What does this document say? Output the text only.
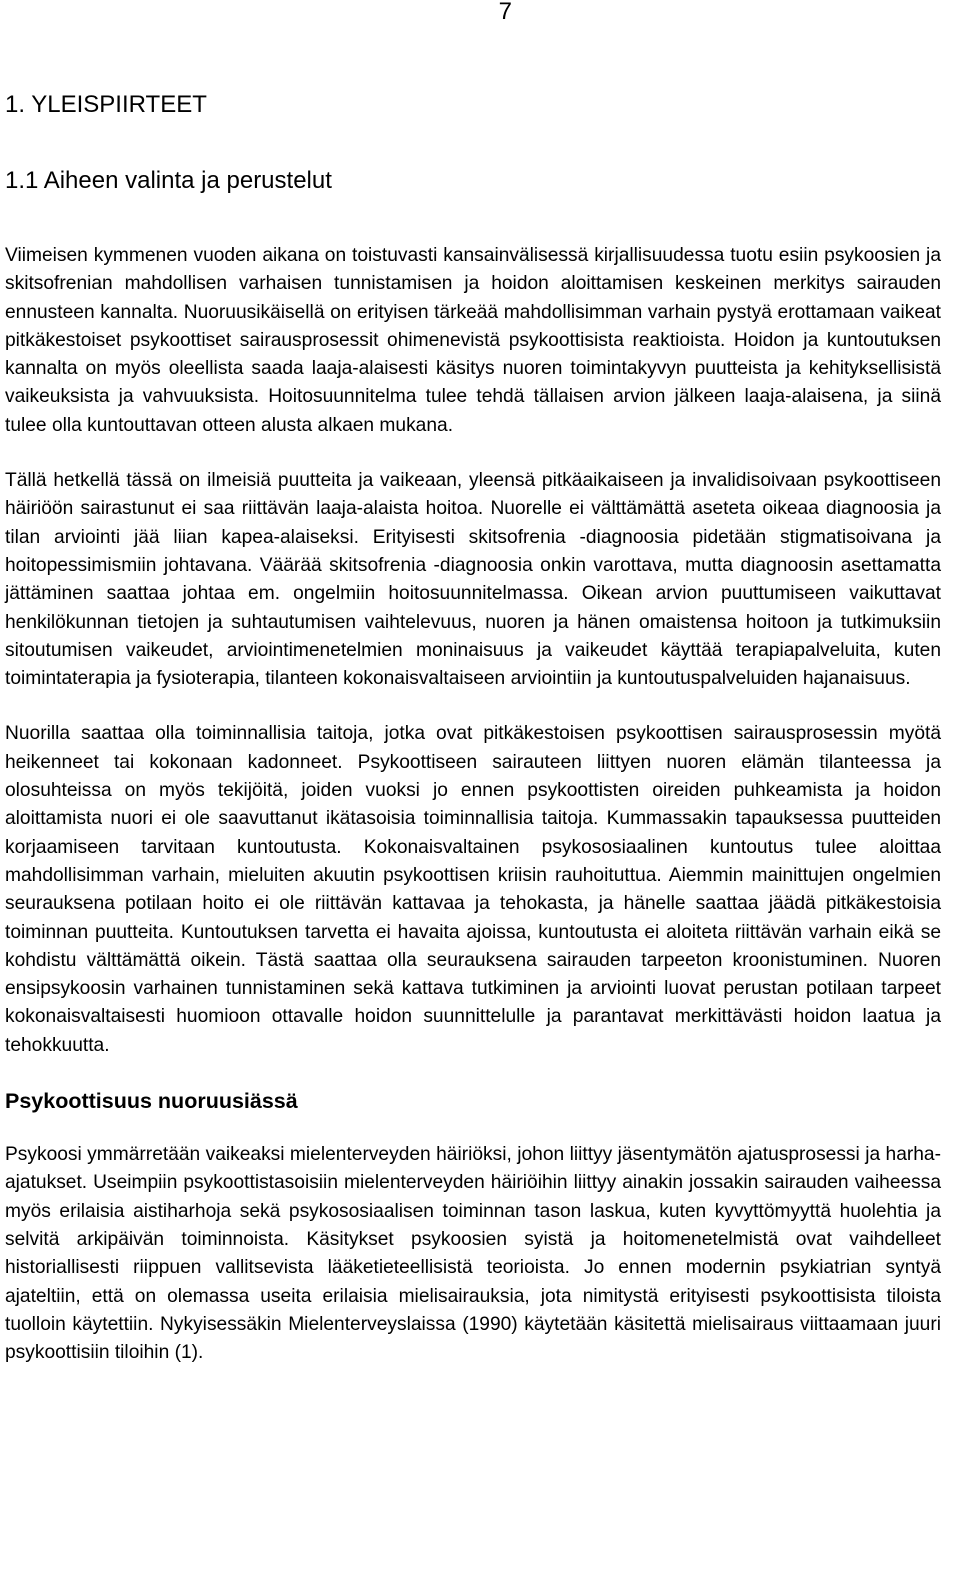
7
1. YLEISPIIRTEET
1.1 Aiheen valinta ja perustelut

Viimeisen kymmenen vuoden aikana on toistuvasti kansainvälisessä kirjallisuudessa tuotu esiin psykoosien ja skitsofrenian mahdollisen varhaisen tunnistamisen ja hoidon aloittamisen keskeinen merkitys sairauden ennusteen kannalta. Nuoruusikäisellä on erityisen tärkeää mahdollisimman varhain pystyä erottamaan vaikeat pitkäkestoiset psykoottiset sairausprosessit ohimenevistä psykoottisista reaktioista. Hoidon ja kuntoutuksen kannalta on myös oleellista saada laaja-alaisesti käsitys nuoren toimintakyvyn puutteista ja kehityksellisistä vaikeuksista ja vahvuuksista. Hoitosuunnitelma tulee tehdä tällaisen arvion jälkeen laaja-alaisena, ja siinä tulee olla kuntouttavan otteen alusta alkaen mukana.

Tällä hetkellä tässä on ilmeisiä puutteita ja vaikeaan, yleensä pitkäaikaiseen ja invalidisoivaan psykoottiseen häiriöön sairastunut ei saa riittävän laaja-alaista hoitoa. Nuorelle ei välttämättä aseteta oikeaa diagnoosia ja tilan arviointi jää liian kapea-alaiseksi. Erityisesti skitsofrenia -diagnoosia pidetään stigmatisoivana ja hoitopessimismiin johtavana. Väärää skitsofrenia -diagnoosia onkin varottava, mutta diagnoosin asettamatta jättäminen saattaa johtaa em. ongelmiin hoitosuunnitelmassa. Oikean arvion puuttumiseen vaikuttavat henkilökunnan tietojen ja suhtautumisen vaihtelevuus, nuoren ja hänen omaistensa hoitoon ja tutkimuksiin sitoutumisen vaikeudet, arviointimenetelmien moninaisuus ja vaikeudet käyttää terapiapalveluita, kuten toimintaterapia ja fysioterapia, tilanteen kokonaisvaltaiseen arviointiin ja kuntoutuspalveluiden hajanaisuus.

Nuorilla saattaa olla toiminnallisia taitoja, jotka ovat pitkäkestoisen psykoottisen sairausprosessin myötä heikenneet tai kokonaan kadonneet. Psykoottiseen sairauteen liittyen nuoren elämän tilanteessa ja olosuhteissa on myös tekijöitä, joiden vuoksi jo ennen psykoottisten oireiden puhkeamista ja hoidon aloittamista nuori ei ole saavuttanut ikätasoisia toiminnallisia taitoja. Kummassakin tapauksessa puutteiden korjaamiseen tarvitaan kuntoutusta. Kokonaisvaltainen psykososiaalinen kuntoutus tulee aloittaa mahdollisimman varhain, mieluiten akuutin psykoottisen kriisin rauhoituttua. Aiemmin mainittujen ongelmien seurauksena potilaan hoito ei ole riittävän kattavaa ja tehokasta, ja hänelle saattaa jäädä pitkäkestoisia toiminnan puutteita. Kuntoutuksen tarvetta ei havaita ajoissa, kuntoutusta ei aloiteta riittävän varhain eikä se kohdistu välttämättä oikein. Tästä saattaa olla seurauksena sairauden tarpeeton kroonistuminen. Nuoren ensipsykoosin varhainen tunnistaminen sekä kattava tutkiminen ja arviointi luovat perustan potilaan tarpeet kokonaisvaltaisesti huomioon ottavalle hoidon suunnittelulle ja parantavat merkittävästi hoidon laatua ja tehokkuutta.

Psykoottisuus nuoruusiässä

Psykoosi ymmärretään vaikeaksi mielenterveyden häiriöksi, johon liittyy jäsentymätön ajatusprosessi ja harha-ajatukset. Useimpiin psykoottistasoisiin mielenterveyden häiriöihin liittyy ainakin jossakin sairauden vaiheessa myös erilaisia aistiharhoja sekä psykososiaalisen toiminnan tason laskua, kuten kyvyttömyyttä huolehtia ja selvitä arkipäivän toiminnoista. Käsitykset psykoosien syistä ja hoitomenetelmistä ovat vaihdelleet historiallisesti riippuen vallitsevista lääketieteellisistä teorioista. Jo ennen modernin psykiatrian syntyä ajateltiin, että on olemassa useita erilaisia mielisairauksia, jota nimitystä erityisesti psykoottisista tiloista tuolloin käytettiin. Nykyisessäkin Mielenterveyslaissa (1990) käytetään käsitettä mielisairaus viittaamaan juuri psykoottisiin tiloihin (1).
